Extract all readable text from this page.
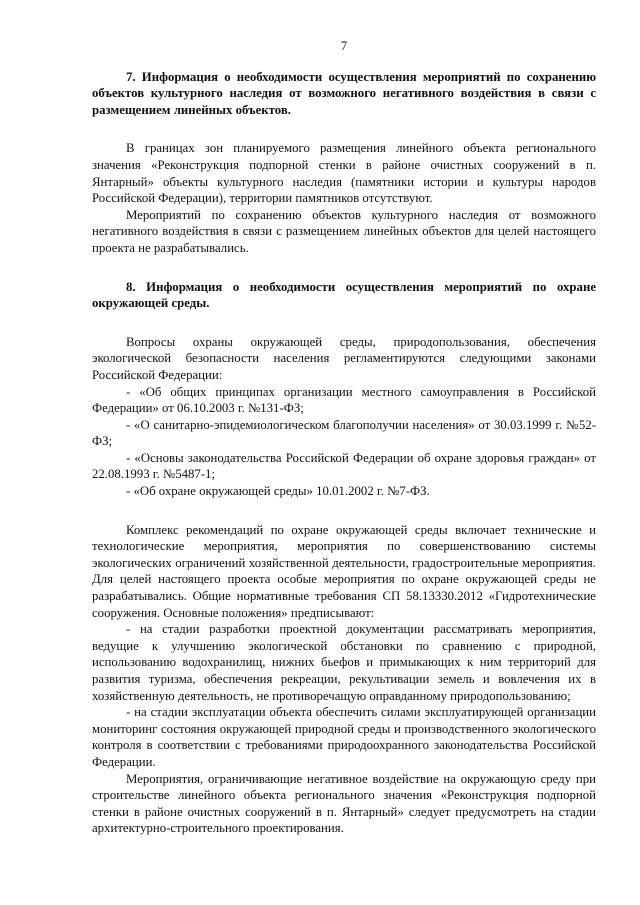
7

7. Информация о необходимости осуществления мероприятий по сохранению объектов культурного наследия от возможного негативного воздействия в связи с размещением линейных объектов.

В границах зон планируемого размещения линейного объекта регионального значения «Реконструкция подпорной стенки в районе очистных сооружений в п. Янтарный» объекты культурного наследия (памятники истории и культуры народов Российской Федерации), территории памятников отсутствуют.

Мероприятий по сохранению объектов культурного наследия от возможного негативного воздействия в связи с размещением линейных объектов для целей настоящего проекта не разрабатывались.

8. Информация о необходимости осуществления мероприятий по охране окружающей среды.

Вопросы охраны окружающей среды, природопользования, обеспечения экологической безопасности населения регламентируются следующими законами Российской Федерации:

- «Об общих принципах организации местного самоуправления в Российской Федерации» от 06.10.2003 г. №131-ФЗ;

- «О санитарно-эпидемиологическом благополучии населения» от 30.03.1999 г. №52-ФЗ;

- «Основы законодательства Российской Федерации об охране здоровья граждан» от 22.08.1993 г. №5487-1;

- «Об охране окружающей среды» 10.01.2002 г. №7-ФЗ.

Комплекс рекомендаций по охране окружающей среды включает технические и технологические мероприятия, мероприятия по совершенствованию системы экологических ограничений хозяйственной деятельности, градостроительные мероприятия. Для целей настоящего проекта особые мероприятия по охране окружающей среды не разрабатывались. Общие нормативные требования СП 58.13330.2012 «Гидротехнические сооружения. Основные положения» предписывают:

- на стадии разработки проектной документации рассматривать мероприятия, ведущие к улучшению экологической обстановки по сравнению с природной, использованию водохранилищ, нижних бьефов и примыкающих к ним территорий для развития туризма, обеспечения рекреации, рекультивации земель и вовлечения их в хозяйственную деятельность, не противоречащую оправданному природопользованию;

- на стадии эксплуатации объекта обеспечить силами эксплуатирующей организации мониторинг состояния окружающей природной среды и производственного экологического контроля в соответствии с требованиями природоохранного законодательства Российской Федерации.

Мероприятия, ограничивающие негативное воздействие на окружающую среду при строительстве линейного объекта регионального значения «Реконструкция подпорной стенки в районе очистных сооружений в п. Янтарный» следует предусмотреть на стадии архитектурно-строительного проектирования.
